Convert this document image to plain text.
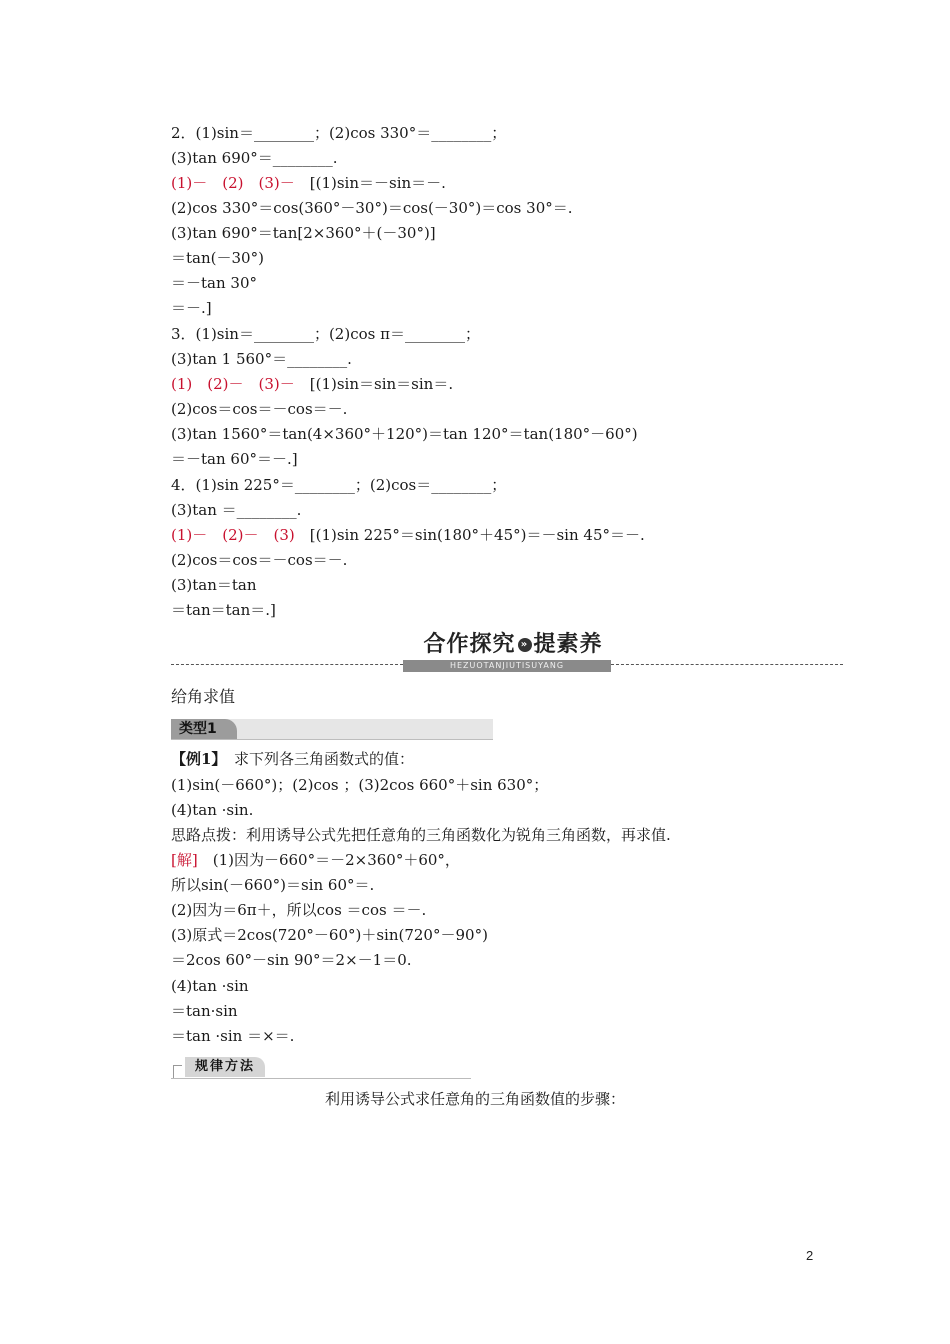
2．(1)sin＝________；(2)cos 330°＝________；
(3)tan 690°＝________.
(1)－　(2)　(3)－　[(1)sin＝－sin＝－.
(2)cos 330°＝cos(360°－30°)＝cos(－30°)＝cos 30°＝.
(3)tan 690°＝tan[2×360°＋(－30°)]
＝tan(－30°)
＝－tan 30°
＝－.]
3．(1)sin＝________；(2)cos π＝________；
(3)tan 1 560°＝________.
(1)　(2)－　(3)－　[(1)sin＝sin＝sin＝.
(2)cos＝cos＝－cos＝－.
(3)tan 1560°＝tan(4×360°＋120°)＝tan 120°＝tan(180°－60°)
＝－tan 60°＝－.]
4．(1)sin 225°＝________；(2)cos＝________；
(3)tan ＝________.
(1)－　(2)－　(3)　[(1)sin 225°＝sin(180°＋45°)＝－sin 45°＝－.
(2)cos＝cos＝－cos＝－.
(3)tan＝tan
＝tan＝tan＝.]
合作探究 » 提素养
HEZUOTANJIUTISUYANG
给角求值
类型1
【例1】　求下列各三角函数式的值：
(1)sin(－660°)；(2)cos ；(3)2cos 660°＋sin 630°；
(4)tan ·sin.
思路点拨：利用诱导公式先把任意角的三角函数化为锐角三角函数，再求值.
[解]　(1)因为－660°＝－2×360°＋60°，
所以sin(－660°)＝sin 60°＝.
(2)因为＝6π＋，所以cos ＝cos ＝－.
(3)原式＝2cos(720°－60°)＋sin(720°－90°)
＝2cos 60°－sin 90°＝2×－1＝0.
(4)tan ·sin
＝tan·sin
＝tan ·sin ＝×＝.
规律方法
利用诱导公式求任意角的三角函数值的步骤：
2
